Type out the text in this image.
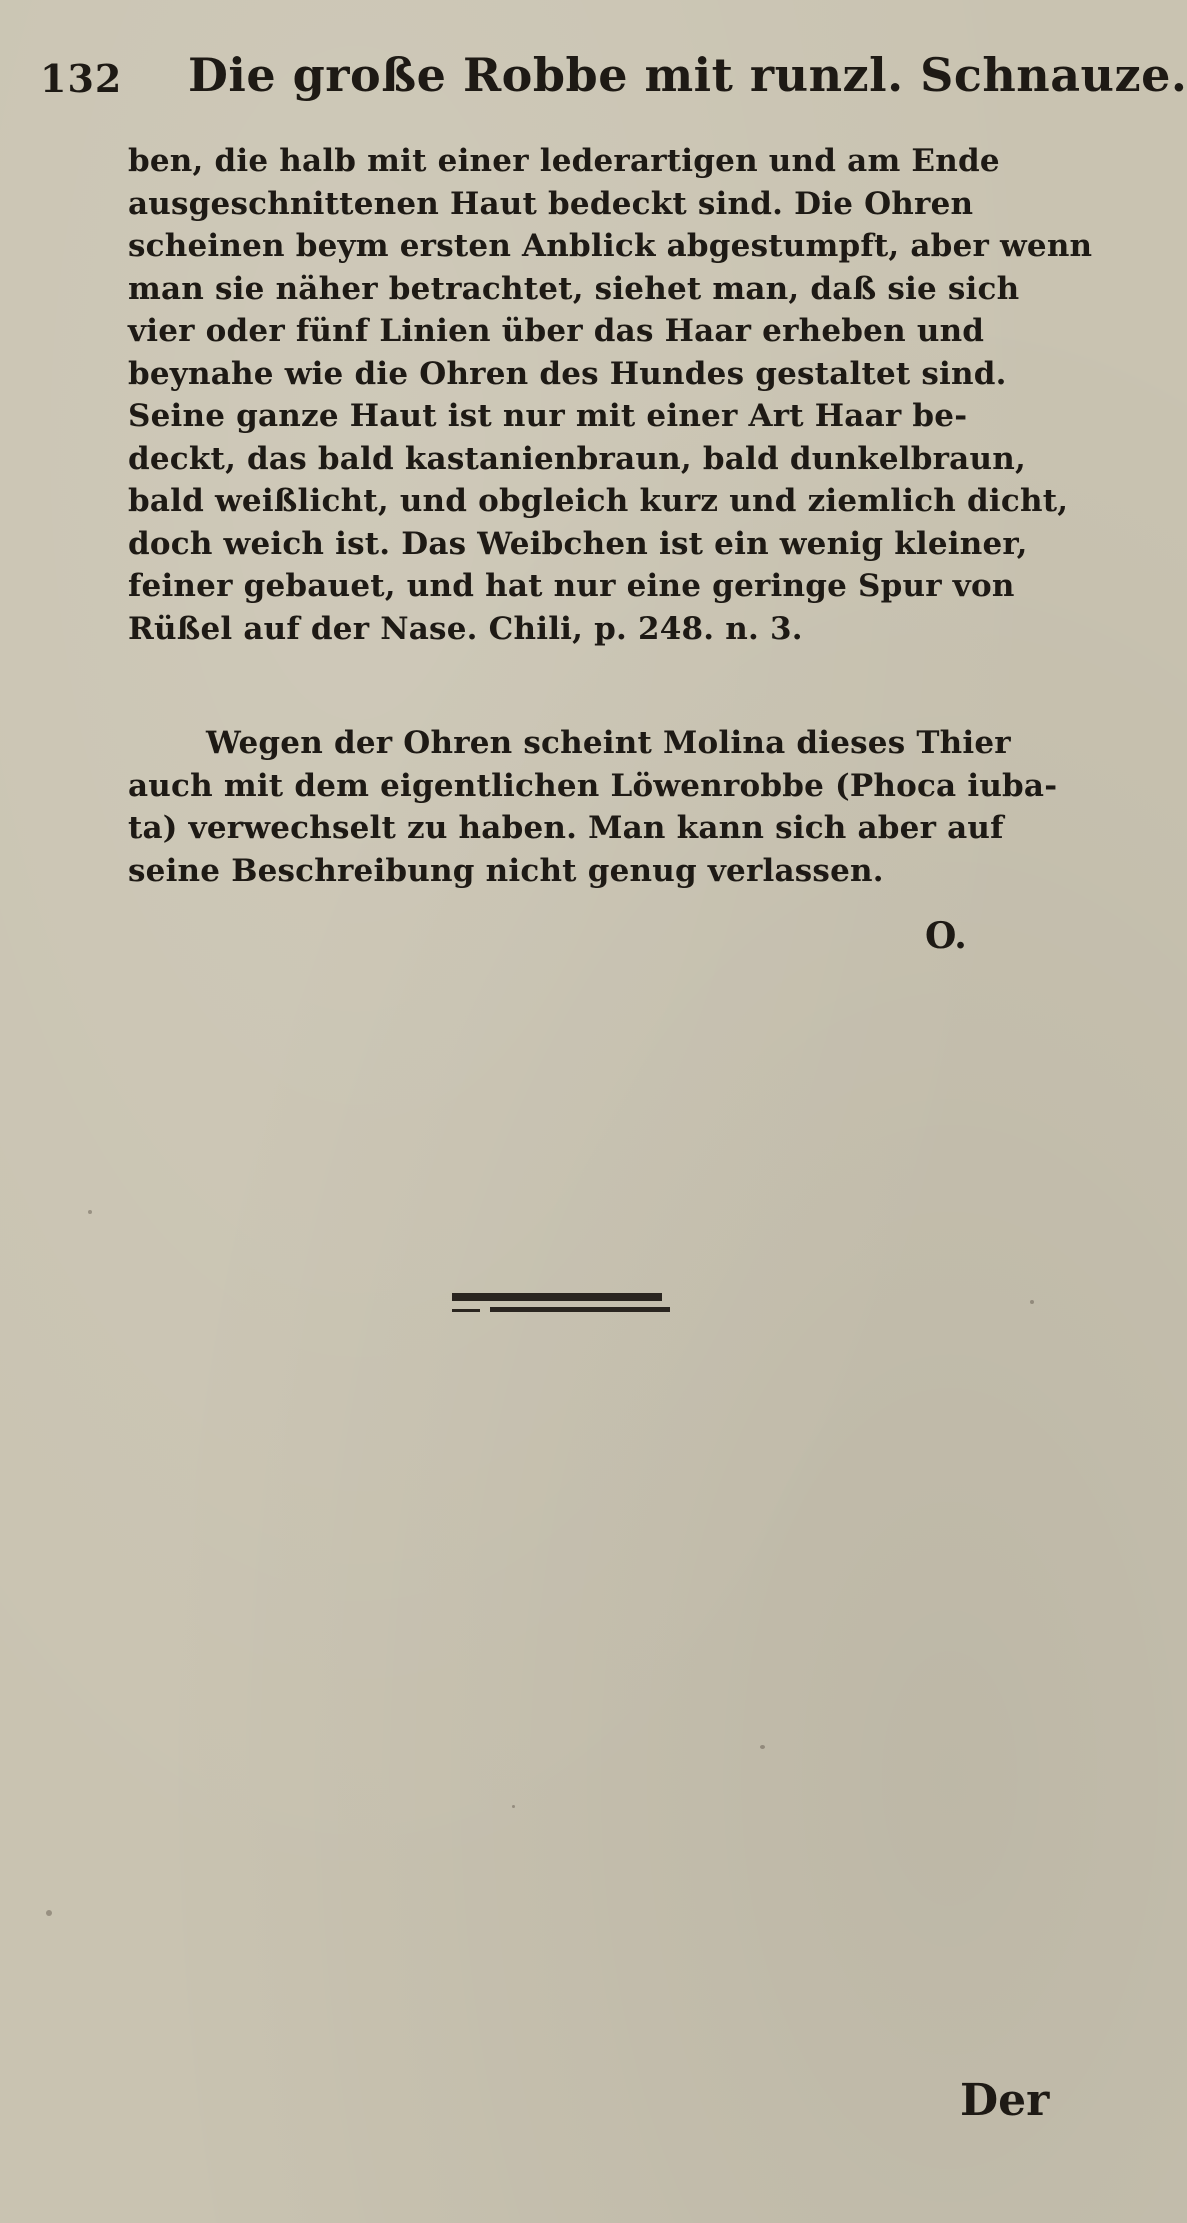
132 Die große Robbe mit runzl. Schnauze.
ben, die halb mit einer lederartigen und am Ende
ausgeschnittenen Haut bedeckt sind. Die Ohren
scheinen beym ersten Anblick abgestumpft, aber wenn
man sie näher betrachtet, siehet man, daß sie sich
vier oder fünf Linien über das Haar erheben und
beynahe wie die Ohren des Hundes gestaltet sind.
Seine ganze Haut ist nur mit einer Art Haar be-
deckt, das bald kastanienbraun, bald dunkelbraun,
bald weißlicht, und obgleich kurz und ziemlich dicht,
doch weich ist. Das Weibchen ist ein wenig kleiner,
feiner gebauet, und hat nur eine geringe Spur von
Rüßel auf der Nase. Chili, p. 248. n. 3.
Wegen der Ohren scheint Molina dieses Thier
auch mit dem eigentlichen Löwenrobbe (Phoca iuba-
ta) verwechselt zu haben. Man kann sich aber auf
seine Beschreibung nicht genug verlassen.
O.
Der
